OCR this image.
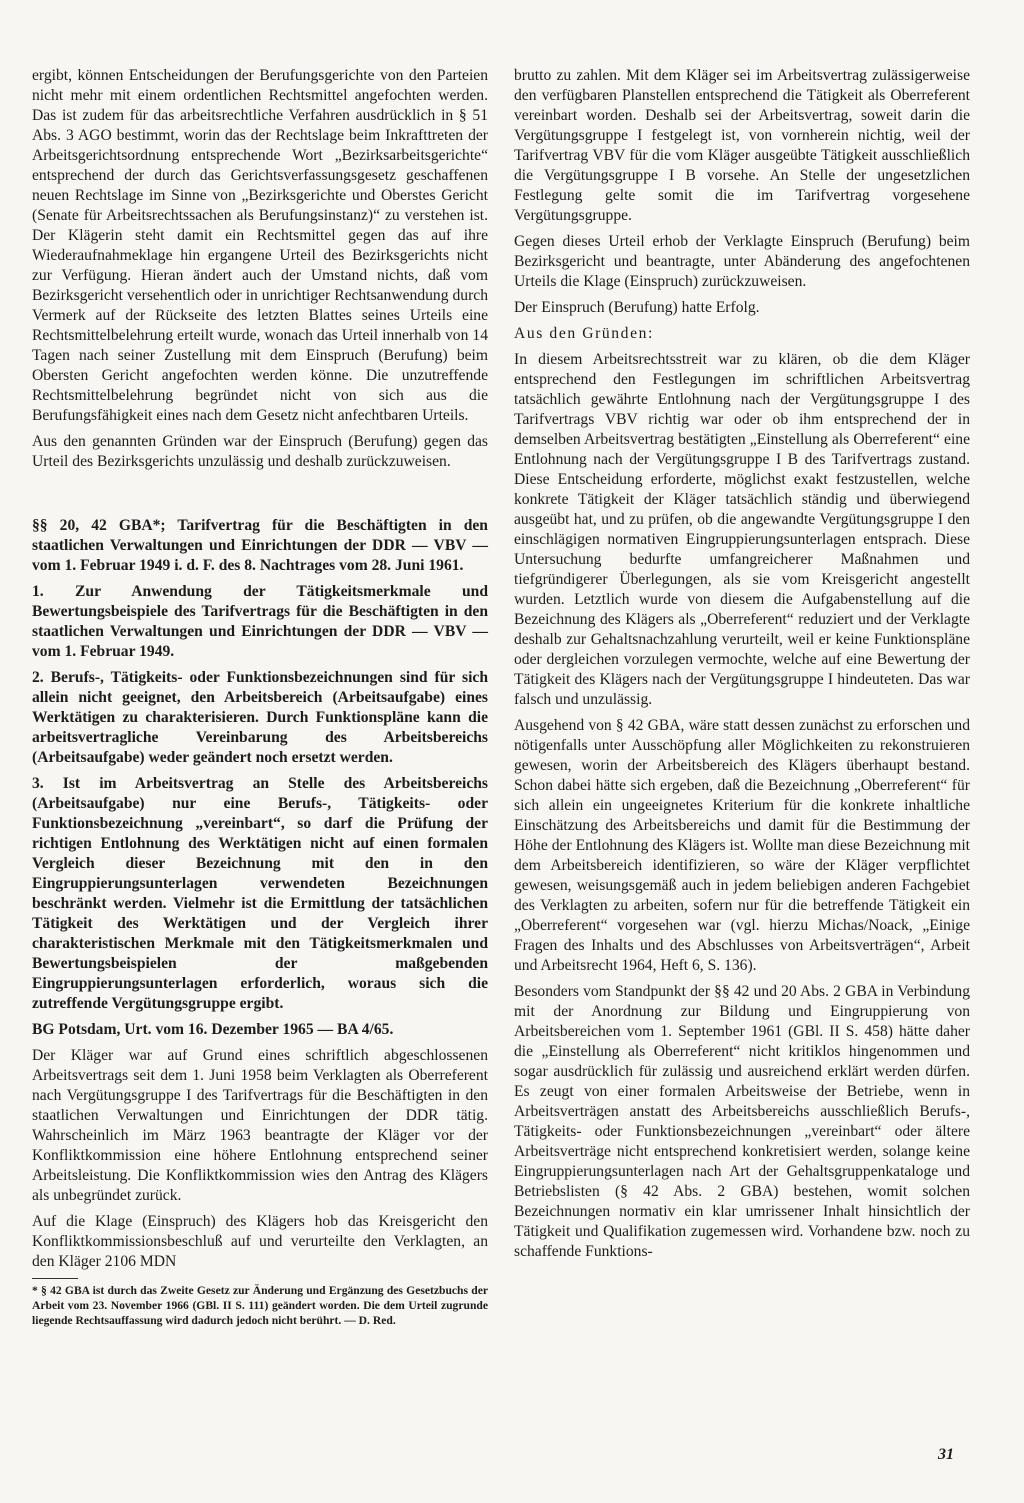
ergibt, können Entscheidungen der Berufungsgerichte von den Parteien nicht mehr mit einem ordentlichen Rechtsmittel angefochten werden. Das ist zudem für das arbeitsrechtliche Verfahren ausdrücklich in § 51 Abs. 3 AGO bestimmt, worin das der Rechtslage beim Inkrafttreten der Arbeitsgerichtsordnung entsprechende Wort „Bezirksarbeitsgerichte“ entsprechend der durch das Gerichtsverfassungsgesetz geschaffenen neuen Rechtslage im Sinne von „Bezirksgerichte und Oberstes Gericht (Senate für Arbeitsrechtssachen als Berufungsinstanz)“ zu verstehen ist. Der Klägerin steht damit ein Rechtsmittel gegen das auf ihre Wiederaufnahmeklage hin ergangene Urteil des Bezirksgerichts nicht zur Verfügung. Hieran ändert auch der Umstand nichts, daß vom Bezirksgericht versehentlich oder in unrichtiger Rechtsanwendung durch Vermerk auf der Rückseite des letzten Blattes seines Urteils eine Rechtsmittelbelehrung erteilt wurde, wonach das Urteil innerhalb von 14 Tagen nach seiner Zustellung mit dem Einspruch (Berufung) beim Obersten Gericht angefochten werden könne. Die unzutreffende Rechtsmittelbelehrung begründet nicht von sich aus die Berufungsfähigkeit eines nach dem Gesetz nicht anfechtbaren Urteils.

Aus den genannten Gründen war der Einspruch (Berufung) gegen das Urteil des Bezirksgerichts unzulässig und deshalb zurückzuweisen.

§§ 20, 42 GBA*; Tarifvertrag für die Beschäftigten in den staatlichen Verwaltungen und Einrichtungen der DDR — VBV — vom 1. Februar 1949 i. d. F. des 8. Nachtrages vom 28. Juni 1961.

1. Zur Anwendung der Tätigkeitsmerkmale und Bewertungsbeispiele des Tarifvertrags für die Beschäftigten in den staatlichen Verwaltungen und Einrichtungen der DDR — VBV — vom 1. Februar 1949.

2. Berufs-, Tätigkeits- oder Funktionsbezeichnungen sind für sich allein nicht geeignet, den Arbeitsbereich (Arbeitsaufgabe) eines Werktätigen zu charakterisieren. Durch Funktionspläne kann die arbeitsvertragliche Vereinbarung des Arbeitsbereichs (Arbeitsaufgabe) weder geändert noch ersetzt werden.

3. Ist im Arbeitsvertrag an Stelle des Arbeitsbereichs (Arbeitsaufgabe) nur eine Berufs-, Tätigkeits- oder Funktionsbezeichnung „vereinbart“, so darf die Prüfung der richtigen Entlohnung des Werktätigen nicht auf einen formalen Vergleich dieser Bezeichnung mit den in den Eingruppierungsunterlagen verwendeten Bezeichnungen beschränkt werden. Vielmehr ist die Ermittlung der tatsächlichen Tätigkeit des Werktätigen und der Vergleich ihrer charakteristischen Merkmale mit den Tätigkeitsmerkmalen und Bewertungsbeispielen der maßgebenden Eingruppierungsunterlagen erforderlich, woraus sich die zutreffende Vergütungsgruppe ergibt.

BG Potsdam, Urt. vom 16. Dezember 1965 — BA 4/65.

Der Kläger war auf Grund eines schriftlich abgeschlossenen Arbeitsvertrags seit dem 1. Juni 1958 beim Verklagten als Oberreferent nach Vergütungsgruppe I des Tarifvertrags für die Beschäftigten in den staatlichen Verwaltungen und Einrichtungen der DDR tätig. Wahrscheinlich im März 1963 beantragte der Kläger vor der Konfliktkommission eine höhere Entlohnung entsprechend seiner Arbeitsleistung. Die Konfliktkommission wies den Antrag des Klägers als unbegründet zurück.

Auf die Klage (Einspruch) des Klägers hob das Kreisgericht den Konfliktkommissionsbeschluß auf und verurteilte den Verklagten, an den Kläger 2106 MDN

* § 42 GBA ist durch das Zweite Gesetz zur Änderung und Ergänzung des Gesetzbuchs der Arbeit vom 23. November 1966 (GBl. II S. 111) geändert worden. Die dem Urteil zugrunde liegende Rechtsauffassung wird dadurch jedoch nicht berührt. — D. Red.

brutto zu zahlen. Mit dem Kläger sei im Arbeitsvertrag zulässigerweise den verfügbaren Planstellen entsprechend die Tätigkeit als Oberreferent vereinbart worden. Deshalb sei der Arbeitsvertrag, soweit darin die Vergütungsgruppe I festgelegt ist, von vornherein nichtig, weil der Tarifvertrag VBV für die vom Kläger ausgeübte Tätigkeit ausschließlich die Vergütungsgruppe I B vorsehe. An Stelle der ungesetzlichen Festlegung gelte somit die im Tarifvertrag vorgesehene Vergütungsgruppe.

Gegen dieses Urteil erhob der Verklagte Einspruch (Berufung) beim Bezirksgericht und beantragte, unter Abänderung des angefochtenen Urteils die Klage (Einspruch) zurückzuweisen.

Der Einspruch (Berufung) hatte Erfolg.

Aus den Gründen:

In diesem Arbeitsrechtsstreit war zu klären, ob die dem Kläger entsprechend den Festlegungen im schriftlichen Arbeitsvertrag tatsächlich gewährte Entlohnung nach der Vergütungsgruppe I des Tarifvertrags VBV richtig war oder ob ihm entsprechend der in demselben Arbeitsvertrag bestätigten „Einstellung als Oberreferent“ eine Entlohnung nach der Vergütungsgruppe I B des Tarifvertrags zustand. Diese Entscheidung erforderte, möglichst exakt festzustellen, welche konkrete Tätigkeit der Kläger tatsächlich ständig und überwiegend ausgeübt hat, und zu prüfen, ob die angewandte Vergütungsgruppe I den einschlägigen normativen Eingruppierungsunterlagen entsprach. Diese Untersuchung bedurfte umfangreicherer Maßnahmen und tiefgründigerer Überlegungen, als sie vom Kreisgericht angestellt wurden. Letztlich wurde von diesem die Aufgabenstellung auf die Bezeichnung des Klägers als „Oberreferent“ reduziert und der Verklagte deshalb zur Gehaltsnachzahlung verurteilt, weil er keine Funktionspläne oder dergleichen vorzulegen vermochte, welche auf eine Bewertung der Tätigkeit des Klägers nach der Vergütungsgruppe I hindeuteten. Das war falsch und unzulässig.

Ausgehend von § 42 GBA, wäre statt dessen zunächst zu erforschen und nötigenfalls unter Ausschöpfung aller Möglichkeiten zu rekonstruieren gewesen, worin der Arbeitsbereich des Klägers überhaupt bestand. Schon dabei hätte sich ergeben, daß die Bezeichnung „Oberreferent“ für sich allein ein ungeeignetes Kriterium für die konkrete inhaltliche Einschätzung des Arbeitsbereichs und damit für die Bestimmung der Höhe der Entlohnung des Klägers ist. Wollte man diese Bezeichnung mit dem Arbeitsbereich identifizieren, so wäre der Kläger verpflichtet gewesen, weisungsgemäß auch in jedem beliebigen anderen Fachgebiet des Verklagten zu arbeiten, sofern nur für die betreffende Tätigkeit ein „Oberreferent“ vorgesehen war (vgl. hierzu Michas/Noack, „Einige Fragen des Inhalts und des Abschlusses von Arbeitsverträgen“, Arbeit und Arbeitsrecht 1964, Heft 6, S. 136).

Besonders vom Standpunkt der §§ 42 und 20 Abs. 2 GBA in Verbindung mit der Anordnung zur Bildung und Eingruppierung von Arbeitsbereichen vom 1. September 1961 (GBl. II S. 458) hätte daher die „Einstellung als Oberreferent“ nicht kritiklos hingenommen und sogar ausdrücklich für zulässig und ausreichend erklärt werden dürfen. Es zeugt von einer formalen Arbeitsweise der Betriebe, wenn in Arbeitsverträgen anstatt des Arbeitsbereichs ausschließlich Berufs-, Tätigkeits- oder Funktionsbezeichnungen „vereinbart“ oder ältere Arbeitsverträge nicht entsprechend konkretisiert werden, solange keine Eingruppierungsunterlagen nach Art der Gehaltsgruppenkataloge und Betriebslisten (§ 42 Abs. 2 GBA) bestehen, womit solchen Bezeichnungen normativ ein klar umrissener Inhalt hinsichtlich der Tätigkeit und Qualifikation zugemessen wird. Vorhandene bzw. noch zu schaffende Funktions-

31
